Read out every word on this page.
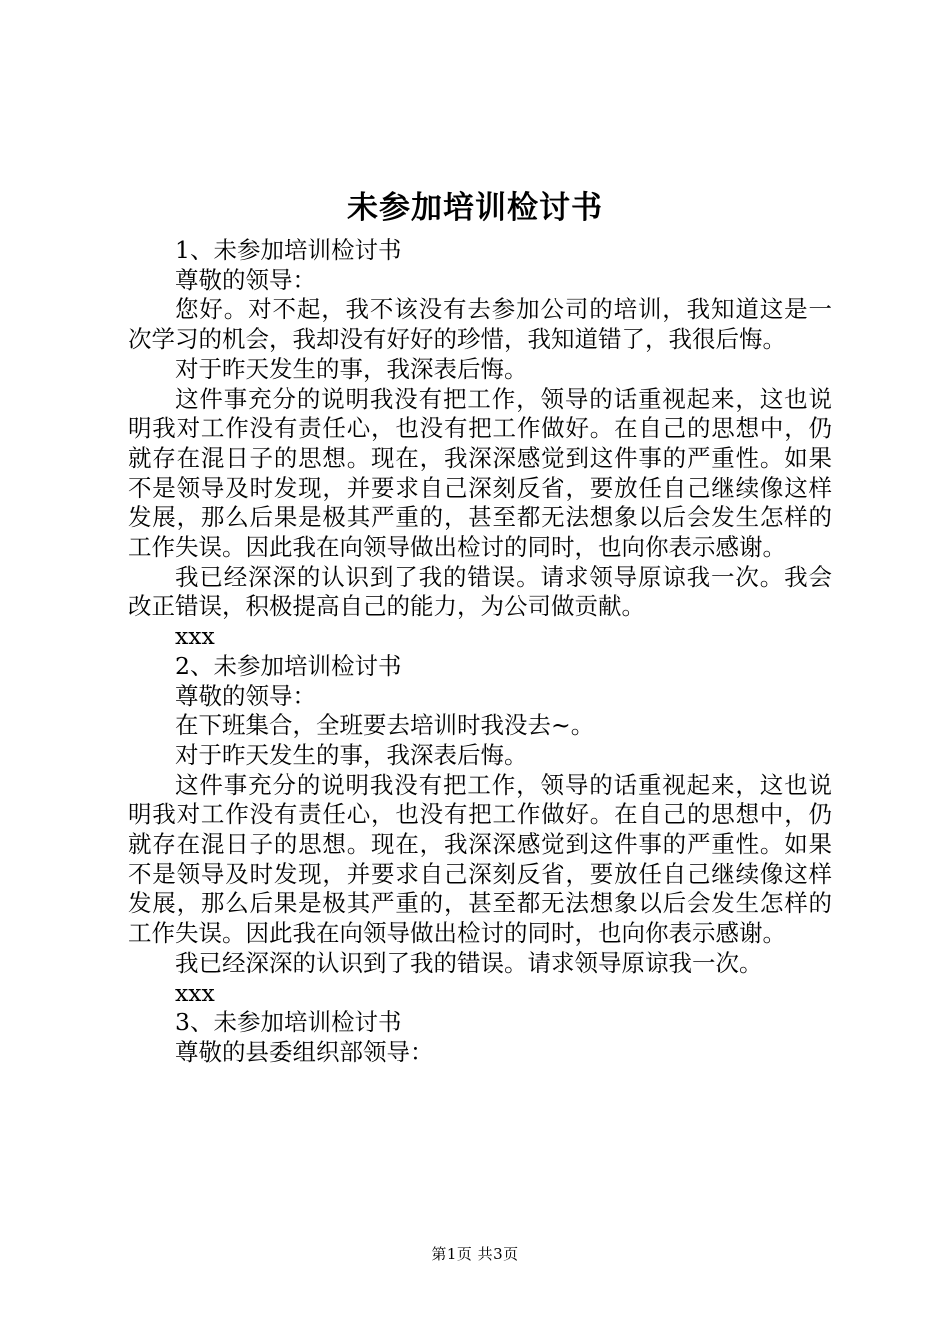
未参加培训检讨书

1、未参加培训检讨书

尊敬的领导：

您好。对不起，我不该没有去参加公司的培训，我知道这是一次学习的机会，我却没有好好的珍惜，我知道错了，我很后悔。

对于昨天发生的事，我深表后悔。

这件事充分的说明我没有把工作，领导的话重视起来，这也说明我对工作没有责任心，也没有把工作做好。在自己的思想中，仍就存在混日子的思想。现在，我深深感觉到这件事的严重性。如果不是领导及时发现，并要求自己深刻反省，要放任自己继续像这样发展，那么后果是极其严重的，甚至都无法想象以后会发生怎样的工作失误。因此我在向领导做出检讨的同时，也向你表示感谢。

我已经深深的认识到了我的错误。请求领导原谅我一次。我会改正错误，积极提高自己的能力，为公司做贡献。

xxx

2、未参加培训检讨书

尊敬的领导：

在下班集合，全班要去培训时我没去~。

对于昨天发生的事，我深表后悔。

这件事充分的说明我没有把工作，领导的话重视起来，这也说明我对工作没有责任心，也没有把工作做好。在自己的思想中，仍就存在混日子的思想。现在，我深深感觉到这件事的严重性。如果不是领导及时发现，并要求自己深刻反省，要放任自己继续像这样发展，那么后果是极其严重的，甚至都无法想象以后会发生怎样的工作失误。因此我在向领导做出检讨的同时，也向你表示感谢。

我已经深深的认识到了我的错误。请求领导原谅我一次。

xxx

3、未参加培训检讨书

尊敬的县委组织部领导：

第1页 共3页
